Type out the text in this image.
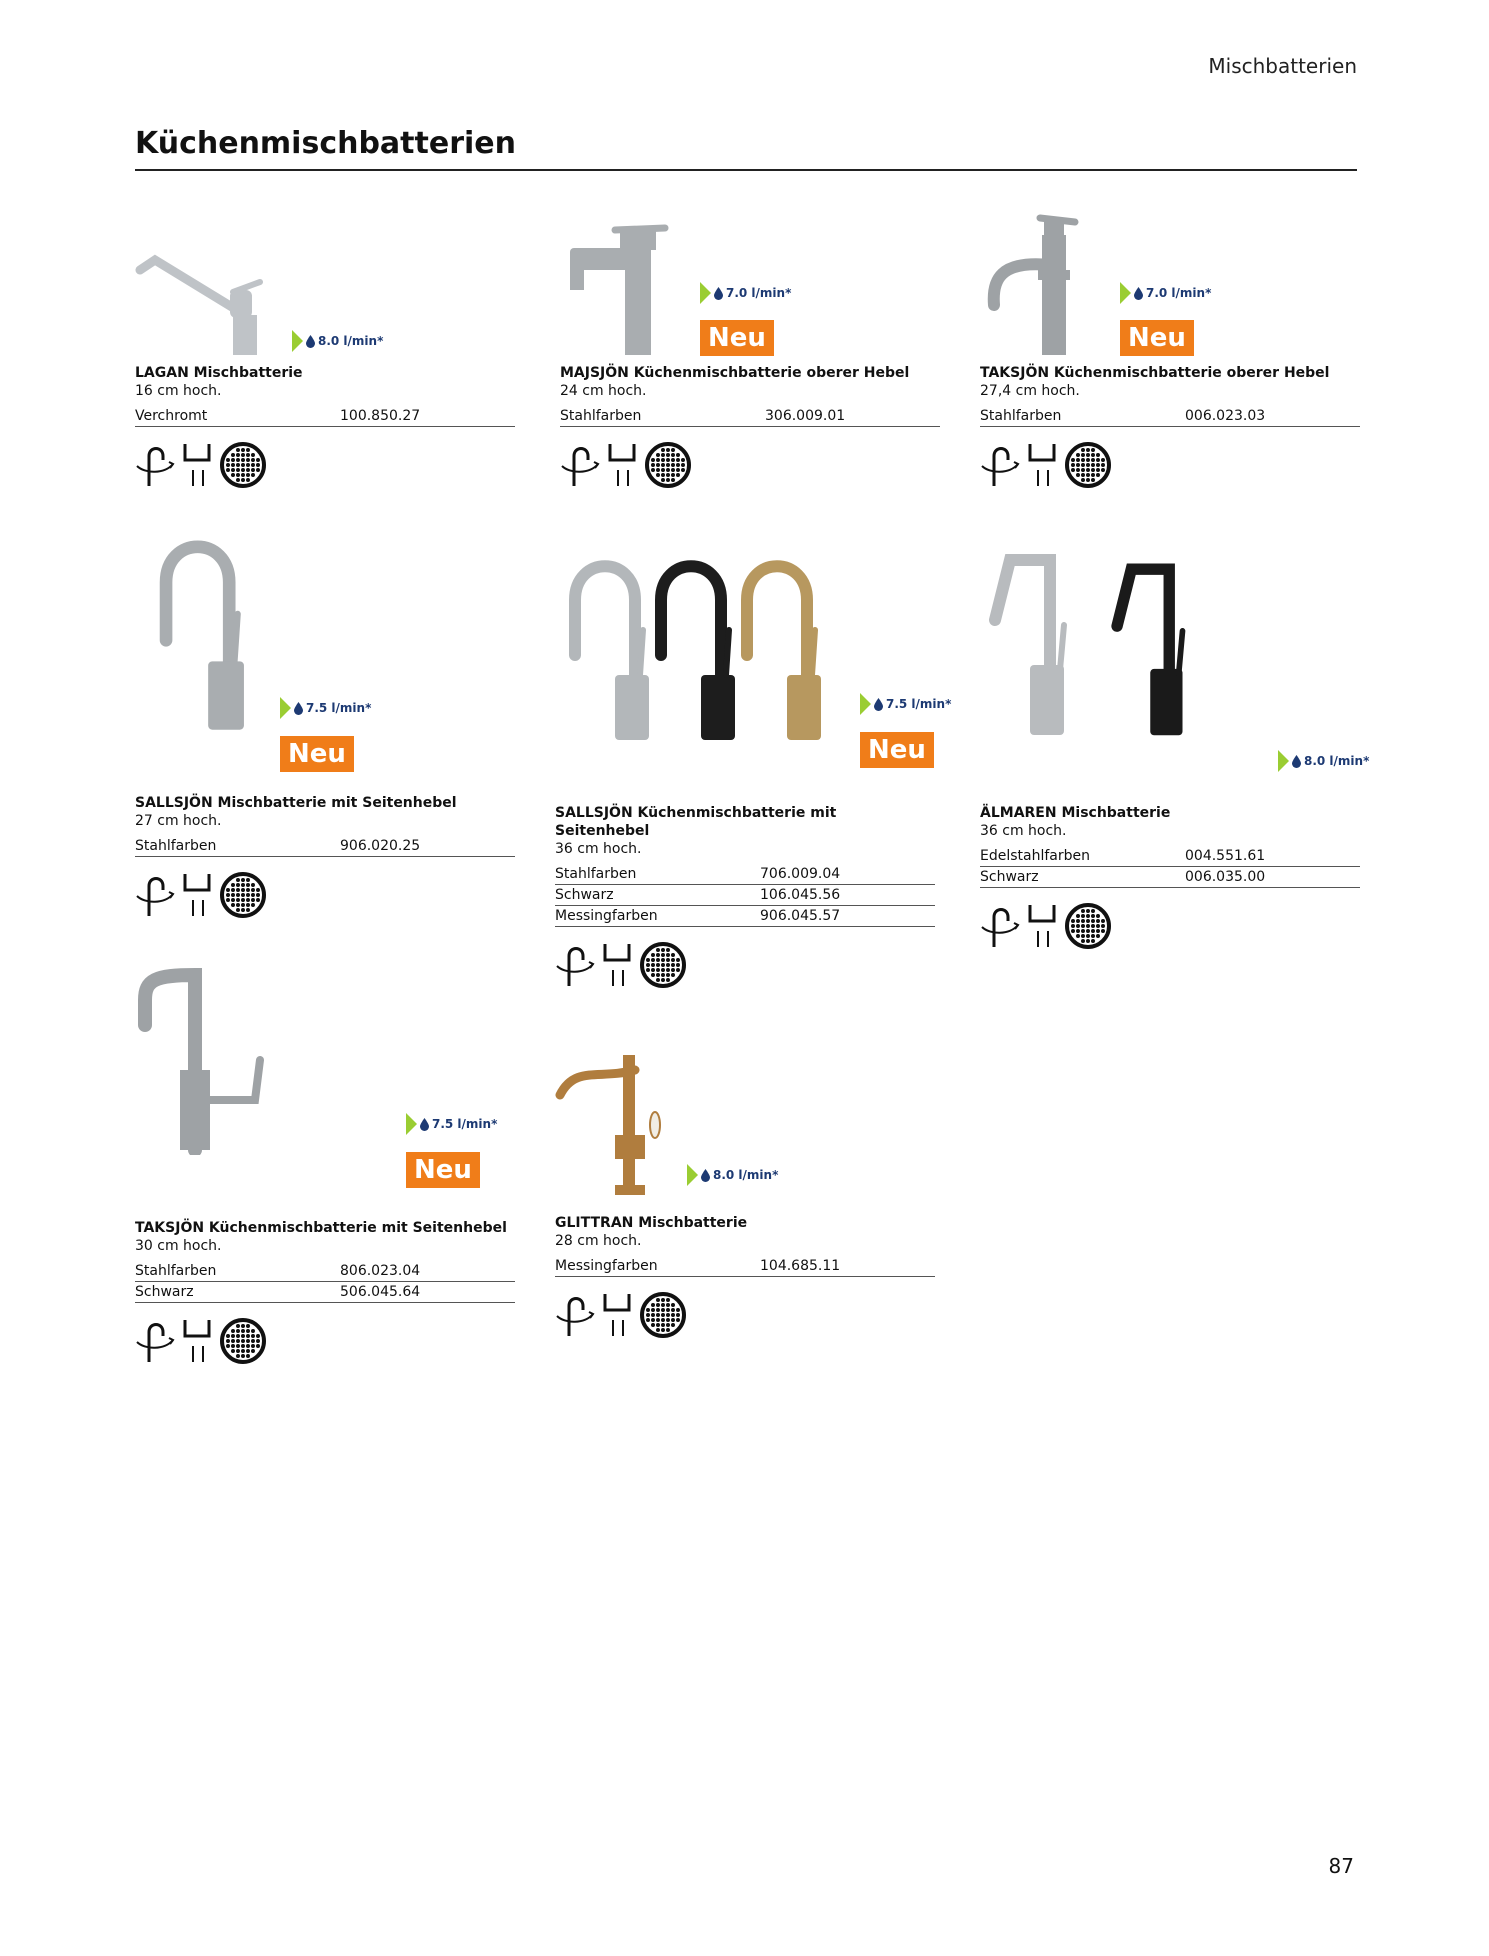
Mischbatterien
Küchenmischbatterien
LAGAN Mischbatterie
16 cm hoch.
Verchromt	100.850.27
8.0 l/min*
MAJSJÖN Küchenmischbatterie oberer Hebel
24 cm hoch.
Stahlfarben	306.009.01
7.0 l/min*
Neu
TAKSJÖN Küchenmischbatterie oberer Hebel
27,4 cm hoch.
Stahlfarben	006.023.03
7.0 l/min*
Neu
SALLSJÖN Mischbatterie mit Seitenhebel
27 cm hoch.
Stahlfarben	906.020.25
7.5 l/min*
Neu
SALLSJÖN Küchenmischbatterie mit Seitenhebel
36 cm hoch.
Stahlfarben	706.009.04
Schwarz	106.045.56
Messingfarben	906.045.57
7.5 l/min*
Neu
ÄLMAREN Mischbatterie
36 cm hoch.
Edelstahlfarben	004.551.61
Schwarz	006.035.00
8.0 l/min*
TAKSJÖN Küchenmischbatterie mit Seitenhebel
30 cm hoch.
Stahlfarben	806.023.04
Schwarz	506.045.64
7.5 l/min*
Neu
GLITTRAN Mischbatterie
28 cm hoch.
Messingfarben	104.685.11
8.0 l/min*
87
